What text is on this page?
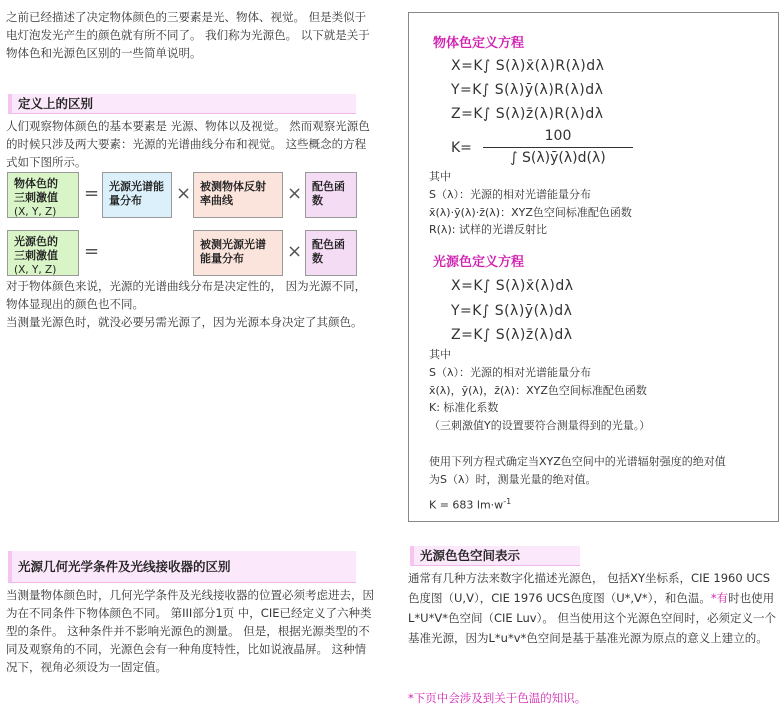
之前已经描述了决定物体颜色的三要素是光、物体、视觉。 但是类似于电灯泡发光产生的颜色就有所不同了。 我们称为光源色。 以下就是关于物体色和光源色区别的一些简单说明。
定义上的区别
人们观察物体颜色的基本要素是 光源、物体以及视觉。 然而观察光源色的时候只涉及两大要素：光源的光谱曲线分布和视觉。 这些概念的方程式如下图所示。
物体色的
三刺激值
(X, Y, Z)
= 光源光谱能量分布	× 被测物体反射率曲线	× 配色函数
光源色的
三刺激值
(X, Y, Z)
=	被测光源光谱能量分布	× 配色函数
对于物体颜色来说，光源的光谱曲线分布是决定性的， 因为光源不同，物体显现出的颜色也不同。
当测量光源色时，就没必要另需光源了，因为光源本身决定了其颜色。
物体色定义方程
X=K∫ S(λ)x̄(λ)R(λ)dλ
Y=K∫ S(λ)ȳ(λ)R(λ)dλ
Z=K∫ S(λ)z̄(λ)R(λ)dλ
K=
100
∫ S(λ)ȳ(λ)d(λ)
其中
S（λ）：光源的相对光谱能量分布
x̄(λ)·ȳ(λ)·z̄(λ)：XYZ色空间标准配色函数
R(λ): 试样的光谱反射比
光源色定义方程
X=K∫ S(λ)x̄(λ)dλ
Y=K∫ S(λ)ȳ(λ)dλ
Z=K∫ S(λ)z̄(λ)dλ
其中
S（λ）：光源的相对光谱能量分布
x̄(λ)，ȳ(λ)，z̄(λ)：XYZ色空间标准配色函数
K: 标准化系数
（三刺激值Y的设置要符合测量得到的光量。）
使用下列方程式确定当XYZ色空间中的光谱辐射强度的绝对值
为S（λ）时，测量光量的绝对值。
K = 683 $lm\cdot w^{-1}$
光源几何光学条件及光线接收器的区别
当测量物体颜色时，几何光学条件及光线接收器的位置必须考虑进去，因为在不同条件下物体颜色不同。 第III部分1页 中，CIE已经定义了六种类型的条件。 这种条件并不影响光源色的测量。 但是，根据光源类型的不同及观察角的不同，光源色会有一种角度特性，比如说液晶屏。 这种情况下，视角必须设为一固定值。
光源色色空间表示
通常有几种方法来数字化描述光源色， 包括XY坐标系，CIE 1960 UCS色度图（U,V），CIE 1976 UCS色度图（U*,V*），和色温。*有时也使用L*U*V*色空间（CIE Luv）。 但当使用这个光源色空间时，必须定义一个基准光源，因为L*u*v*色空间是基于基准光源为原点的意义上建立的。
*下页中会涉及到关于色温的知识。
